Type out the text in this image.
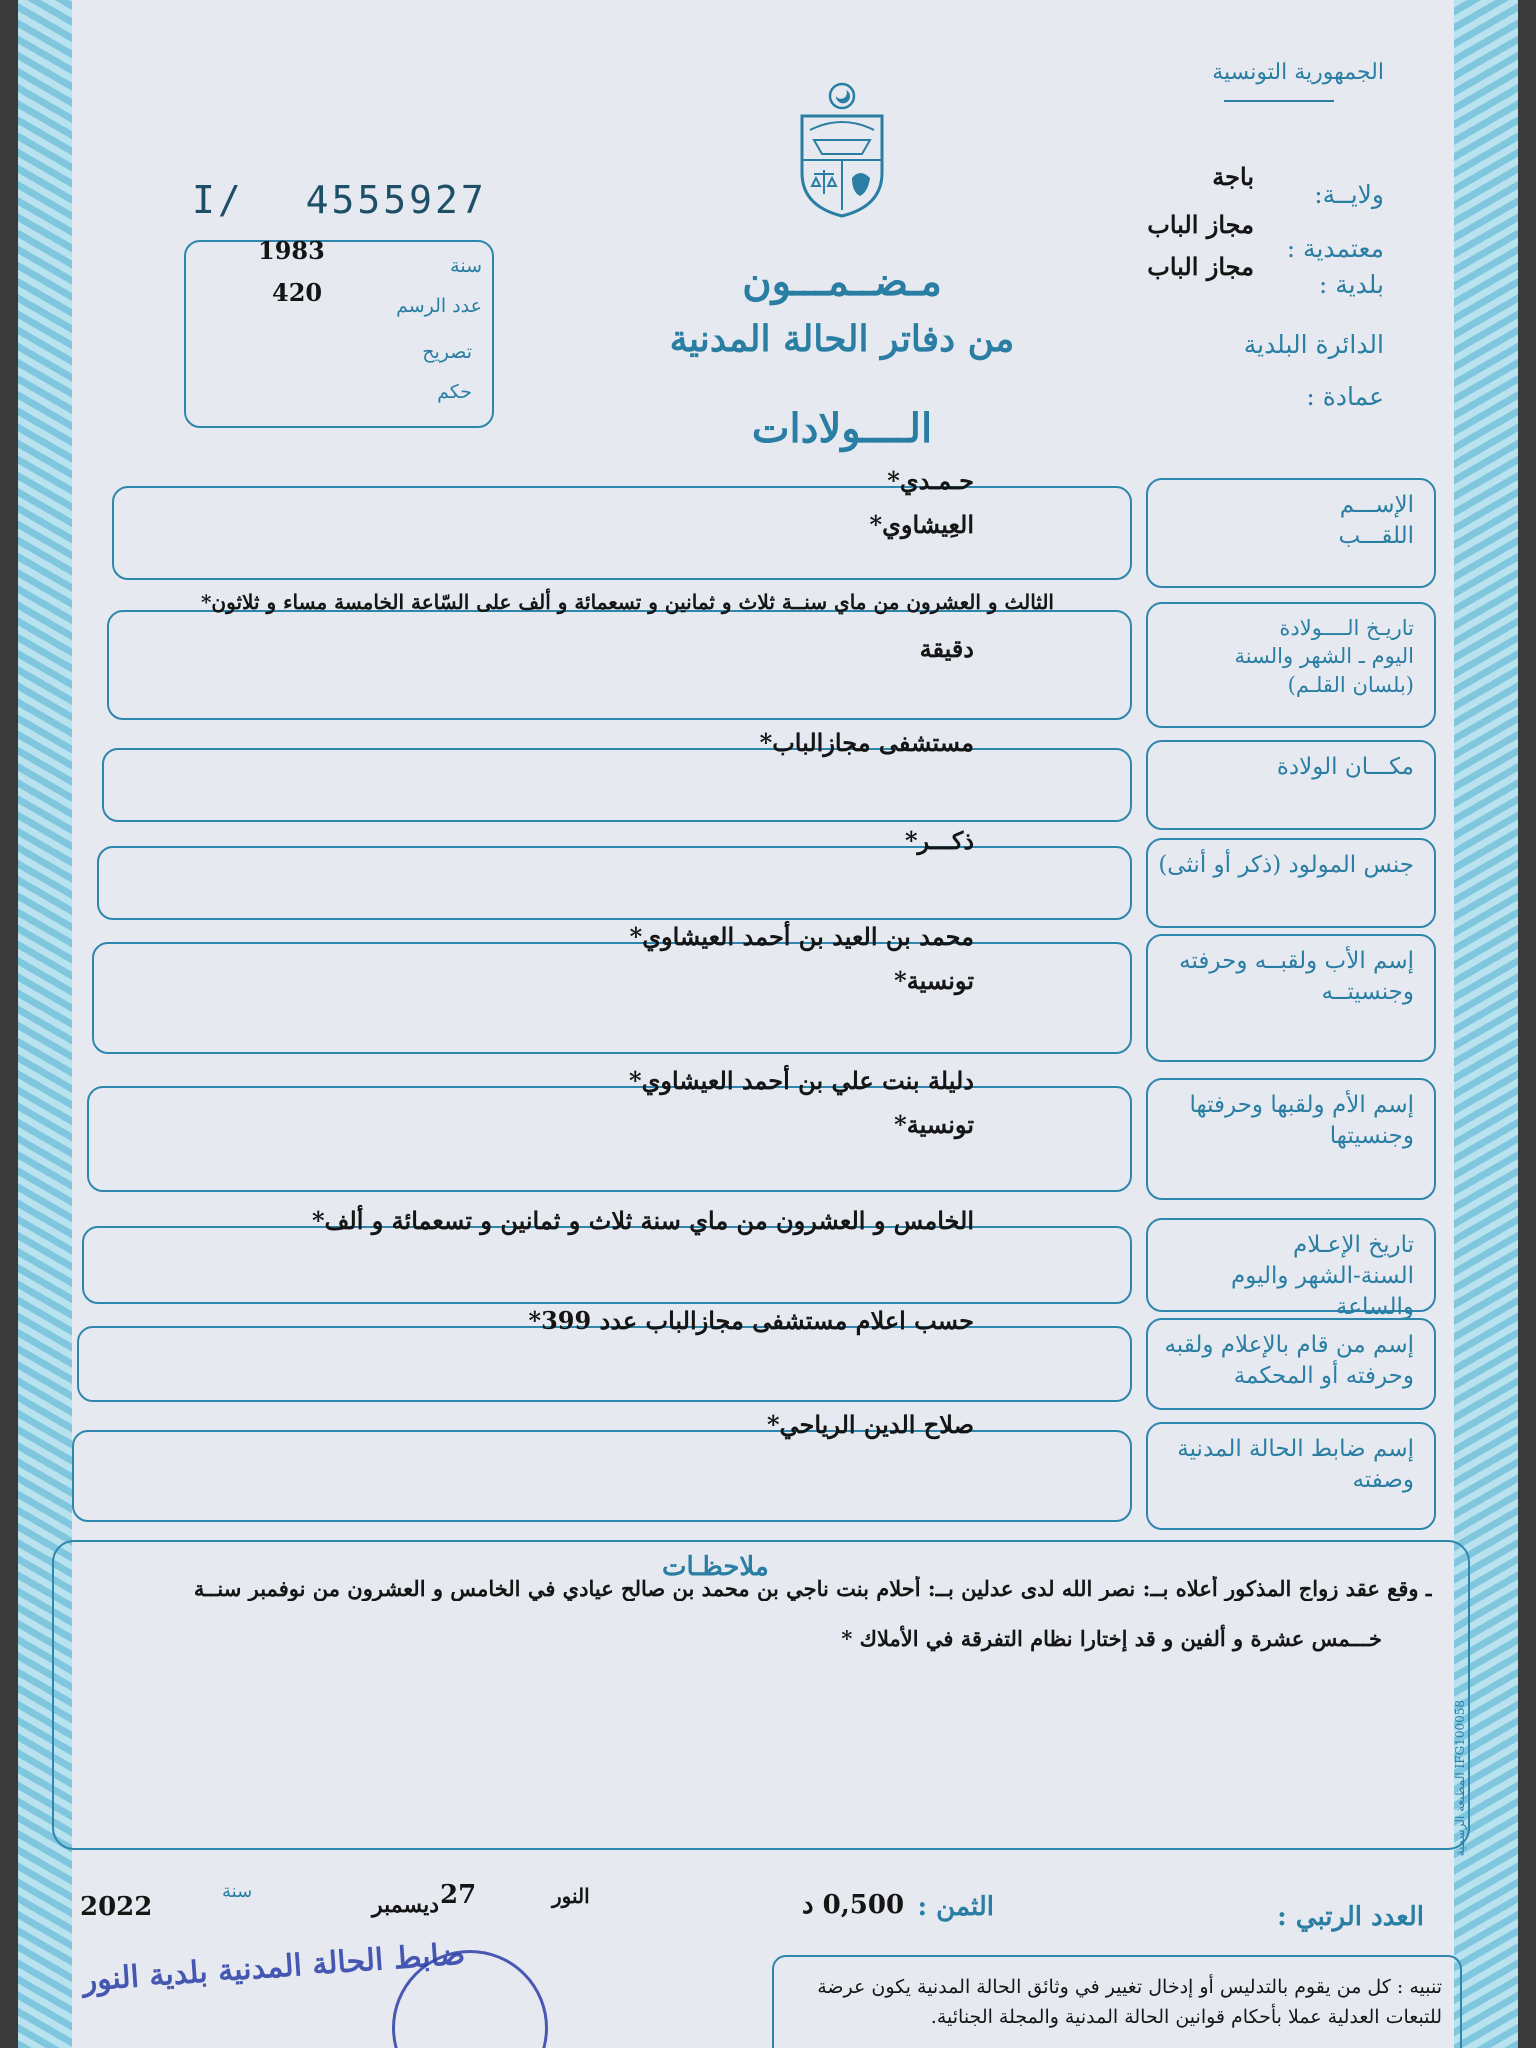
الجمهورية التونسية
ولايــة:
باجة
معتمدية :
مجاز الباب
بلدية :
مجاز الباب
الدائرة البلدية
عمادة :
I/ 4555927
1983
420
سنة
عدد الرسم
تصريح
حكم
مـضــمـــون
من دفاتر الحالة المدنية
الــــولادات
الإســـم
اللقـــب
حـمـدي*
العِيشاوي*
تاريـخ الــــولادة
اليوم ـ الشهر والسنة
(بلسان القلـم)
الثالث و العشرون من ماي سنــة ثلاث و ثمانين و تسعمائة و ألف على السّاعة الخامسة مساء و ثلاثون*
دقيقة
مكـــان الولادة
مستشفى مجازالباب*
جنس المولود (ذكر أو أنثى)
ذكـــر*
إسم الأب ولقبــه وحرفته
وجنسيتــه
محمد بن العيد بن أحمد العيشاوي*
تونسية*
إسم الأم ولقبها وحرفتها
وجنسيتها
دليلة بنت علي بن أحمد العيشاوي*
تونسية*
تاريخ الإعـلام
السنة-الشهر واليوم والساعة
الخامس و العشرون من ماي سنة ثلاث و ثمانين و تسعمائة و ألف*
إسم من قام بالإعلام ولقبه
وحرفته أو المحكمة
حسب اعلام مستشفى مجازالباب عدد 399*
إسم ضابط الحالة المدنية
وصفته
صلاح الدين الرياحي*
ملاحظـات
ـ وقع عقد زواج المذكور أعلاه بــ: نصر الله لدى عدلين بــ: أحلام بنت ناجي بن محمد بن صالح عيادي في الخامس و العشرون من نوفمبر سنــة
خـــمس عشرة و ألفين و قد إختارا نظام التفرقة في الأملاك *
المطبعة الرسمية IFG100058
العدد الرتبي :
الثمن :
0,500 د
النور
27
ديسمبر
سنة
2022
ضابط الحالة المدنية بلدية النور	تنبيه : كل من يقوم بالتدليس أو إدخال تغيير في وثائق الحالة المدنية يكون عرضة للتبعات العدلية عملا بأحكام قوانين الحالة المدنية والمجلة الجنائية.
